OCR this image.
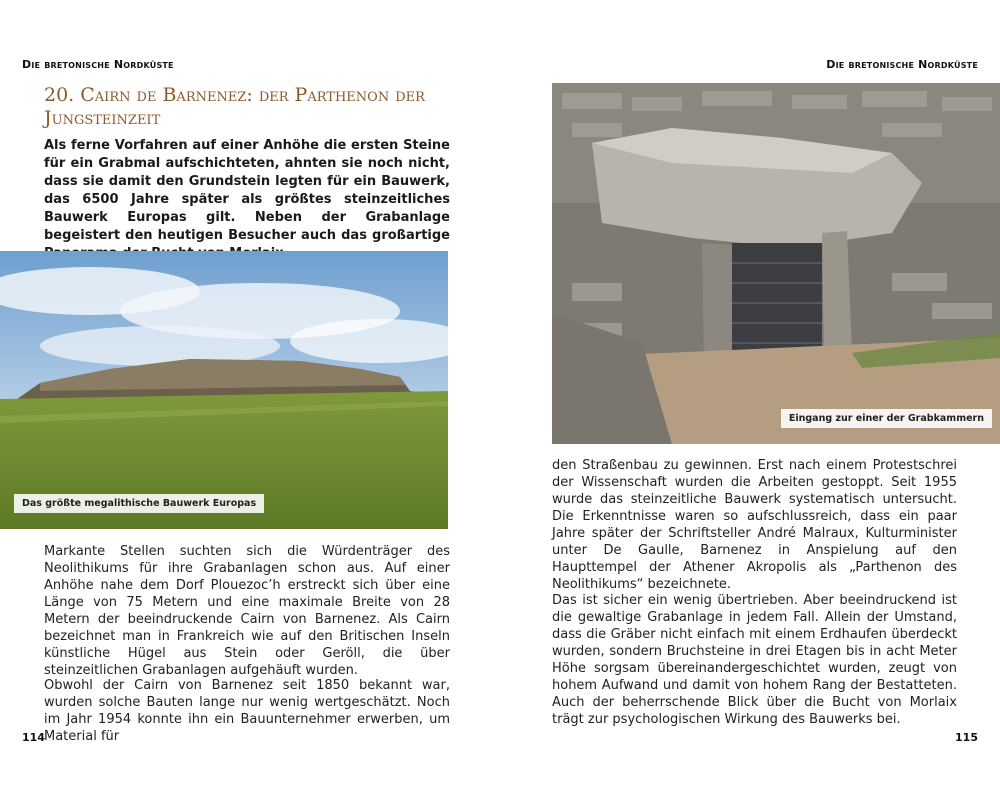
Die bretonische Nordküste	Die bretonische Nordküste
20. Cairn de Barnenez: der Parthenon der Jungsteinzeit

Als ferne Vorfahren auf einer Anhöhe die ersten Steine für ein Grabmal aufschichteten, ahnten sie noch nicht, dass sie damit den Grundstein legten für ein Bauwerk, das 6500 Jahre später als größtes steinzeitliches Bauwerk Europas gilt. Neben der Grabanlage begeistert den heutigen Besucher auch das großartige

Das größte megalithische Bauwerk Europas

Markante Stellen suchten sich die Würdenträger des Neolithikums für ihre Grabanlagen schon aus. Auf einer Anhöhe nahe dem Dorf Plouezoc’h erstreckt sich über eine Länge von 75 Metern und eine maximale Breite von 28 Metern der beeindruckende Cairn von Barnenez. Als Cairn bezeichnet man in Frankreich wie auf den Britischen Inseln künstliche Hügel aus Stein oder Geröll, die über steinzeitlichen Grabanlagen aufgehäuft wurden.

Obwohl der Cairn von Barnenez seit 1850 bekannt war, wurden solche Bauten lange nur wenig wertgeschätzt. Noch im Jahr 1954 konnte ihn ein Bauunternehmer erwerben, um Material für

114
Eingang zur einer der Grabkammern

den Straßenbau zu gewinnen. Erst nach einem Protestschrei der Wissenschaft wurden die Arbeiten gestoppt. Seit 1955 wurde das steinzeitliche Bauwerk systematisch untersucht. Die Erkenntnisse waren so aufschlussreich, dass ein paar Jahre später der Schriftsteller André Malraux, Kulturminister unter De Gaulle, Barnenez in Anspielung auf den Haupttempel der Athener Akropolis als „Parthenon des Neolithikums“ bezeichnete.

Das ist sicher ein wenig übertrieben. Aber beeindruckend ist die gewaltige Grabanlage in jedem Fall. Allein der Umstand, dass die Gräber nicht einfach mit einem Erdhaufen überdeckt wurden, sondern Bruchsteine in drei Etagen bis in acht Meter Höhe sorgsam übereinandergeschichtet wurden, zeugt von hohem Aufwand und damit von hohem Rang der Bestatteten. Auch der beherrschende Blick über die Bucht von Morlaix trägt zur psychologischen Wirkung des Bauwerks bei.

115
